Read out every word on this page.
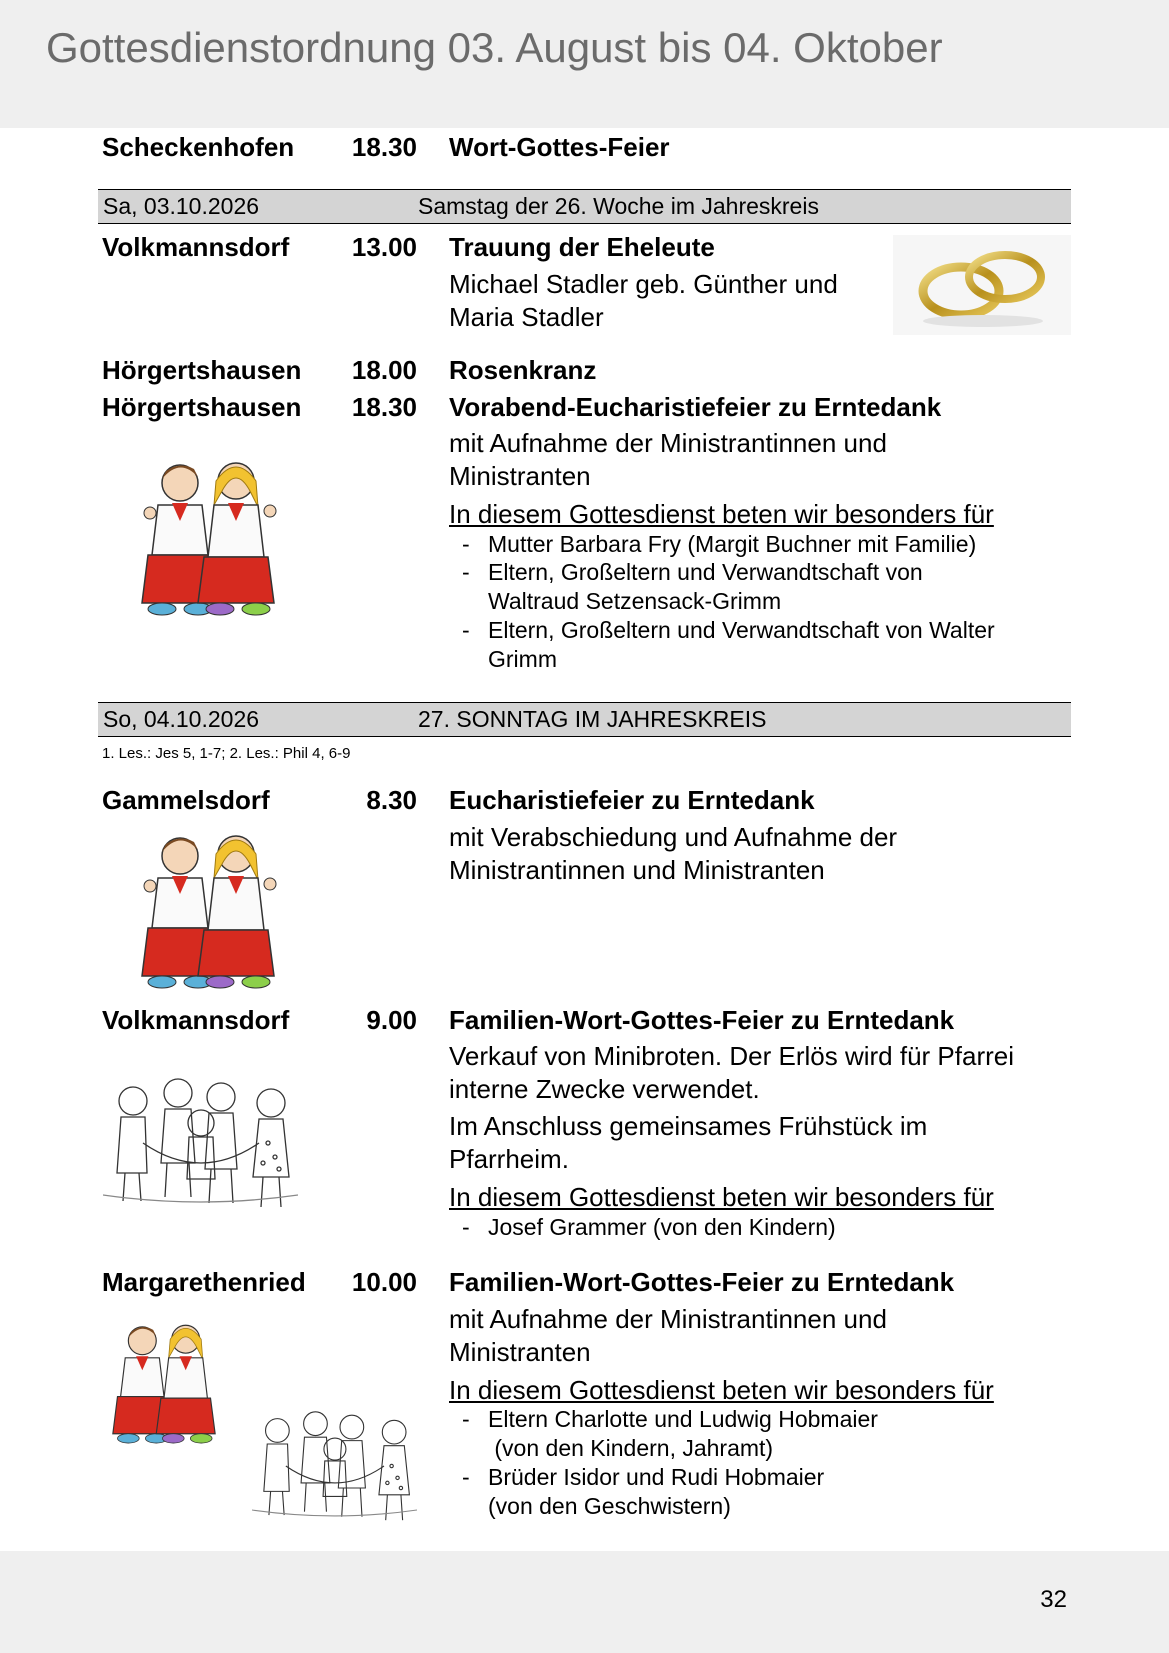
Gottesdienstordnung 03. August bis 04. Oktober
Scheckenhofen	18.30 Wort-Gottes-Feier
Sa, 03.10.2026	Samstag der 26. Woche im Jahreskreis
Volkmannsdorf	13.00 Trauung der Eheleute
Michael Stadler geb. Günther und
Maria Stadler
Hörgertshausen	18.00 Rosenkranz
Hörgertshausen	18.30 Vorabend-Eucharistiefeier zu Erntedank
mit Aufnahme der Ministrantinnen und
Ministranten
In diesem Gottesdienst beten wir besonders für
- Mutter Barbara Fry (Margit Buchner mit Familie)
- Eltern, Großeltern und Verwandtschaft von
Waltraud Setzensack-Grimm
- Eltern, Großeltern und Verwandtschaft von Walter
Grimm
So, 04.10.2026	27. SONNTAG IM JAHRESKREIS
1. Les.: Jes 5, 1-7; 2. Les.: Phil 4, 6-9
Gammelsdorf	8.30 Eucharistiefeier zu Erntedank
mit Verabschiedung und Aufnahme der
Ministrantinnen und Ministranten
Volkmannsdorf	9.00 Familien-Wort-Gottes-Feier zu Erntedank
Verkauf von Minibroten. Der Erlös wird für Pfarrei
interne Zwecke verwendet.
Im Anschluss gemeinsames Frühstück im
Pfarrheim.
In diesem Gottesdienst beten wir besonders für
- Josef Grammer (von den Kindern)
Margarethenried	10.00 Familien-Wort-Gottes-Feier zu Erntedank
mit Aufnahme der Ministrantinnen und
Ministranten
In diesem Gottesdienst beten wir besonders für
- Eltern Charlotte und Ludwig Hobmaier
(von den Kindern, Jahramt)
- Brüder Isidor und Rudi Hobmaier
(von den Geschwistern)
32
